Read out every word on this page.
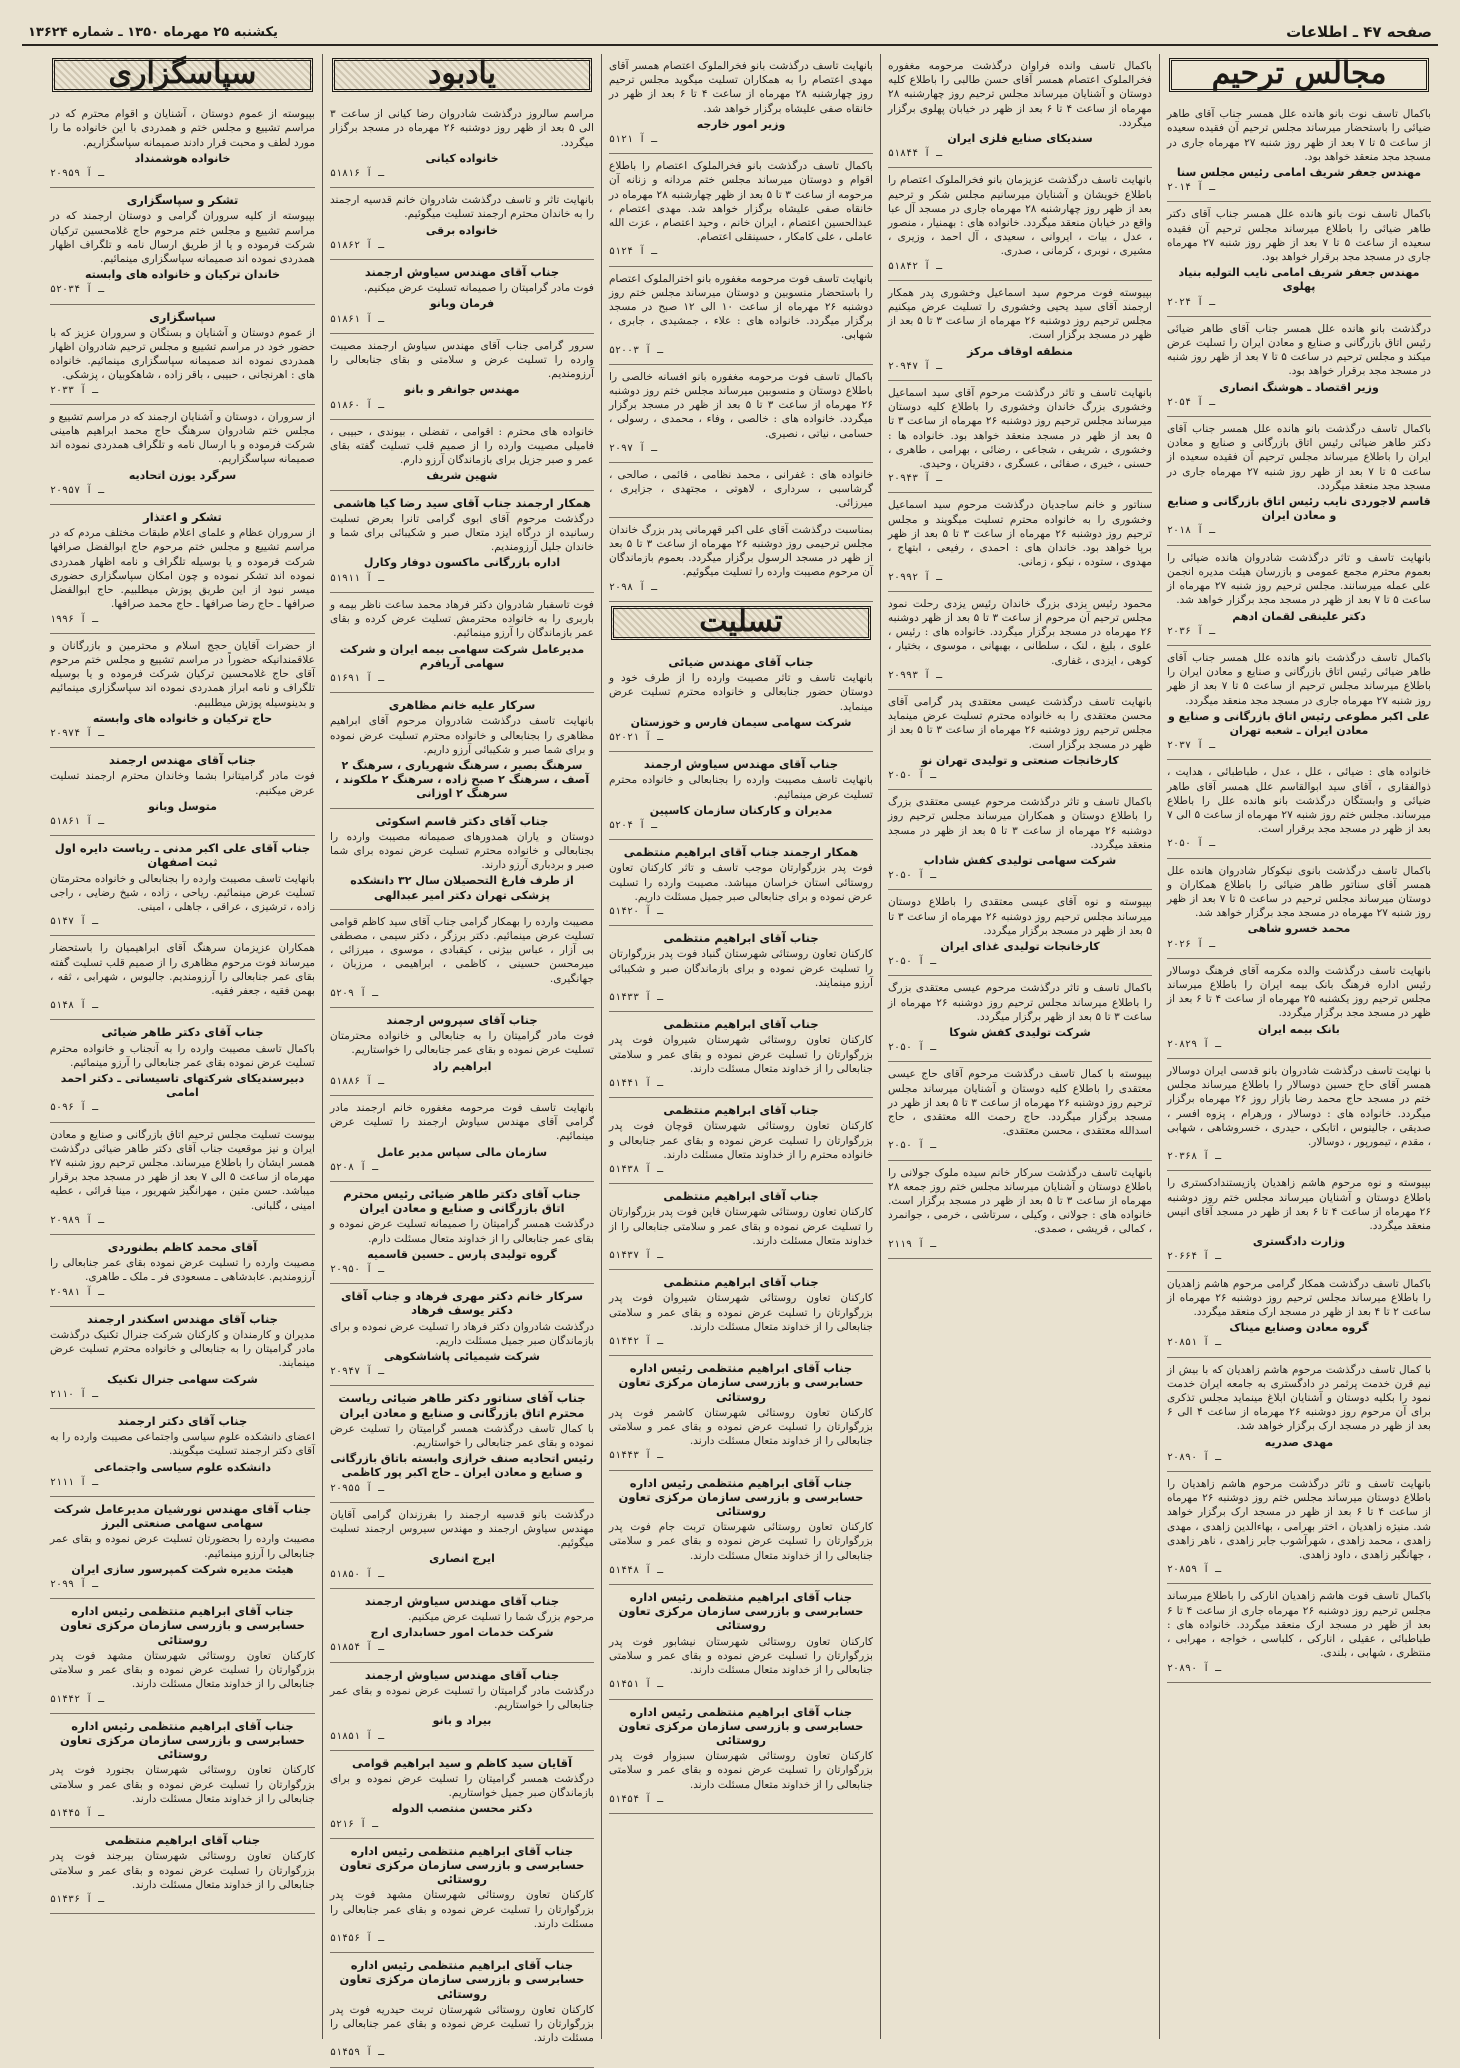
صفحه ۴۷ ـ اطلاعات
یکشنبه ۲۵ مهرماه ۱۳۵۰ ـ شماره ۱۳۶۲۴
مجالس ترحیم
باکمال تاسف نوت بانو هانده علل همسر جناب آقای طاهر ضیائی را باستحضار میرساند مجلس ترحیم آن فقیده سعیده از ساعت ۵ تا ۷ بعد از ظهر روز شنبه ۲۷ مهرماه جاری در مسجد مجد منعقد خواهد بود.
مهندس جعفر شریف امامی رئیس مجلس سنا
۲۰۱۴ ـ آ
باکمال تاسف نوت بانو هانده علل همسر جناب آقای دکتر طاهر ضیائی را باطلاع میرساند مجلس ترحیم آن فقیده سعیده از ساعت ۵ تا ۷ بعد از ظهر روز شنبه ۲۷ مهرماه جاری در مسجد مجد برقرار خواهد بود.
مهندس جعفر شریف امامی نایب التولیه بنیاد پهلوی
۲۰۲۴ ـ آ
درگذشت بانو هانده علل همسر جناب آقای طاهر ضیائی رئیس اتاق بازرگانی و صنایع و معادن ایران را تسلیت عرض میکند و مجلس ترحیم در ساعت ۵ تا ۷ بعد از ظهر روز شنبه در مسجد مجد برقرار خواهد بود.
وزیر اقتصاد ـ هوشنگ انصاری
۲۰۵۴ ـ آ
باکمال تاسف درگذشت بانو هانده علل همسر جناب آقای دکتر طاهر ضیائی رئیس اتاق بازرگانی و صنایع و معادن ایران را باطلاع میرساند مجلس ترحیم آن فقیده سعیده از ساعت ۵ تا ۷ بعد از ظهر روز شنبه ۲۷ مهرماه جاری در مسجد مجد منعقد میگردد.
قاسم لاجوردی نایب رئیس اتاق بازرگانی و صنایع و معادن ایران
۲۰۱۸ ـ آ
بانهایت تاسف و تاثر درگذشت شادروان هانده ضیائی را بعموم محترم مجمع عمومی و بازرسان هیئت مدیره انجمن علی عمله میرسانند. مجلس ترحیم روز شنبه ۲۷ مهرماه از ساعت ۵ تا ۷ بعد از ظهر در مسجد مجد برگزار خواهد شد.
دکتر علینقی لقمان ادهم
۲۰۳۶ ـ آ
باکمال تاسف درگذشت بانو هانده علل همسر جناب آقای طاهر ضیائی رئیس اتاق بازرگانی و صنایع و معادن ایران را باطلاع میرساند مجلس ترحیم از ساعت ۵ تا ۷ بعد از ظهر روز شنبه ۲۷ مهرماه جاری در مسجد مجد منعقد میگردد.
علی اکبر مطوعی رئیس اتاق بازرگانی و صنایع و معادن ایران ـ شعبه تهران
۲۰۳۷ ـ آ
خانواده های : ضیائی ، علل ، عدل ، طباطبائی ، هدایت ، ذوالفقاری ، آقای سید ابوالقاسم علل همسر آقای طاهر ضیائی و وابستگان درگذشت بانو هانده علل را باطلاع میرساند. مجلس ختم روز شنبه ۲۷ مهرماه از ساعت ۵ الی ۷ بعد از ظهر در مسجد مجد برقرار است.
۲۰۵۰ ـ آ
باکمال تاسف درگذشت بانوی نیکوکار شادروان هانده علل همسر آقای سناتور طاهر ضیائی را باطلاع همکاران و دوستان میرساند مجلس ترحیم در ساعت ۵ تا ۷ بعد از ظهر روز شنبه ۲۷ مهرماه در مسجد مجد برگزار خواهد شد.
محمد خسرو شاهی
۲۰۲۶ ـ آ
بانهایت تاسف درگذشت والده مکرمه آقای فرهنگ دوسالار رئیس اداره فرهنگ بانک بیمه ایران را باطلاع میرساند مجلس ترحیم روز یکشنبه ۲۵ مهرماه از ساعت ۴ تا ۶ بعد از ظهر در مسجد مجد برگزار میگردد.
بانک بیمه ایران
۲۰۸۲۹ ـ آ
با نهایت تاسف درگذشت شادروان بانو قدسی ایران دوسالار همسر آقای حاج حسین دوسالار را باطلاع میرساند مجلس ختم در مسجد حاج محمد رضا بازار روز ۲۶ مهرماه برگزار میگردد. خانواده های : دوسالار ، ورهرام ، پزوه افسر ، صدیقی ، جالینوس ، اتابکی ، حیدری ، خسروشاهی ، شهابی ، مقدم ، تیمورپور ، دوسالار.
۲۰۳۶۸ ـ آ
بپیوسته و نوه مرحوم هاشم زاهدیان پازیستندادکستری را باطلاع دوستان و آشنایان میرساند مجلس ختم روز دوشنبه ۲۶ مهرماه از ساعت ۴ تا ۶ بعد از ظهر در مسجد آقای انیس منعقد میگردد.
وزارت دادگستری
۲۰۶۶۴ ـ آ
باکمال تاسف درگذشت همکار گرامی مرحوم هاشم زاهدیان را باطلاع میرساند مجلس ترحیم روز دوشنبه ۲۶ مهرماه از ساعت ۲ تا ۴ بعد از ظهر در مسجد ارک منعقد میگردد.
گروه معادن وصنایع میناک
۲۰۸۵۱ ـ آ
با کمال تاسف درگذشت مرحوم هاشم زاهدیان که با بیش از نیم قرن خدمت پرثمر در دادگستری به جامعه ایران خدمت نمود را بکلیه دوستان و آشنایان ابلاغ مینماید مجلس تذکری برای آن مرحوم روز دوشنبه ۲۶ مهرماه از ساعت ۴ الی ۶ بعد از ظهر در مسجد ارک برگزار خواهد شد.
مهدی صدریه
۲۰۸۹۰ ـ آ
بانهایت تاسف و تاثر درگذشت مرحوم هاشم زاهدیان را باطلاع دوستان میرساند مجلس ختم روز دوشنبه ۲۶ مهرماه از ساعت ۴ تا ۶ بعد از ظهر در مسجد ارک برگزار خواهد شد. منیژه زاهدیان ، اختر بهرامی ، بهاءالدین زاهدی ، مهدی زاهدی ، محمد زاهدی ، شهرآشوب جابر زاهدی ، ناهر زاهدی ، جهانگیر زاهدی ، داود زاهدی.
۲۰۸۵۹ ـ آ
باکمال تاسف فوت هاشم زاهدیان انارکی را باطلاع میرساند مجلس ترحیم روز دوشنبه ۲۶ مهرماه جاری از ساعت ۴ تا ۶ بعد از ظهر در مسجد ارک منعقد میگردد. خانواده های : طباطبائی ، عقیلی ، انارکی ، کلباسی ، خواجه ، مهرابی ، منتظری ، شهابی ، بلندی.
۲۰۸۹۰ ـ آ
باکمال تاسف وانده فراوان درگذشت مرحومه مغفوره فخرالملوک اعتصام همسر آقای حسن طالبی را باطلاع کلیه دوستان و آشنایان میرساند مجلس ترحیم روز چهارشنبه ۲۸ مهرماه از ساعت ۴ تا ۶ بعد از ظهر در خیابان پهلوی برگزار میگردد.
سندیکای صنایع فلزی ایران
۵۱۸۴۴ ـ آ
بانهایت تاسف درگذشت عزیزمان بانو فخرالملوک اعتصام را باطلاع خویشان و آشنایان میرسانیم مجلس شکر و ترحیم بعد از ظهر روز چهارشنبه ۲۸ مهرماه جاری در مسجد آل عبا واقع در خیابان منعقد میگردد. خانواده های : بهمنیار ، منصور ، عدل ، بیات ، ایروانی ، سعیدی ، آل احمد ، وزیری ، مشیری ، نوبری ، کرمانی ، صدری.
۵۱۸۴۲ ـ آ
بپیوسته فوت مرحوم سید اسماعیل وخشوری پدر همکار ارجمند آقای سید یحیی وخشوری را تسلیت عرض میکنیم مجلس ترحیم روز دوشنبه ۲۶ مهرماه از ساعت ۳ تا ۵ بعد از ظهر در مسجد برگزار است.
منطقه اوقاف مرکز
۲۰۹۴۷ ـ آ
بانهایت تاسف و تاثر درگذشت مرحوم آقای سید اسماعیل وخشوری بزرگ خاندان وخشوری را باطلاع کلیه دوستان میرساند مجلس ترحیم روز دوشنبه ۲۶ مهرماه از ساعت ۳ تا ۵ بعد از ظهر در مسجد منعقد خواهد بود. خانواده ها : وخشوری ، شریفی ، شجاعی ، رضائی ، بهرامی ، طاهری ، حسنی ، خیری ، صفائی ، عسگری ، دفتریان ، وحیدی.
۲۰۹۴۳ ـ آ
سناتور و خانم ساجدیان درگذشت مرحوم سید اسماعیل وخشوری را به خانواده محترم تسلیت میگویند و مجلس ترحیم روز دوشنبه ۲۶ مهرماه از ساعت ۳ تا ۵ بعد از ظهر برپا خواهد بود. خاندان های : احمدی ، رفیعی ، ابتهاج ، مهدوی ، ستوده ، نیکو ، زمانی.
۲۰۹۹۲ ـ آ
محمود رئیس یزدی بزرگ خاندان رئیس یزدی رحلت نمود مجلس ترحیم آن مرحوم از ساعت ۳ تا ۵ بعد از ظهر دوشنبه ۲۶ مهرماه در مسجد برگزار میگردد. خانواده های : رئیس ، علوی ، بلیغ ، لنک ، سلطانی ، بهبهانی ، موسوی ، بختیار ، کوهی ، ایزدی ، غفاری.
۲۰۹۹۳ ـ آ
بانهایت تاسف درگذشت عیسی معتقدی پدر گرامی آقای محسن معتقدی را به خانواده محترم تسلیت عرض مینماید مجلس ترحیم روز دوشنبه ۲۶ مهرماه از ساعت ۳ تا ۵ بعد از ظهر در مسجد برگزار است.
کارخانجات صنعتی و تولیدی تهران نو
۲۰۵۰ ـ آ
باکمال تاسف و تاثر درگذشت مرحوم عیسی معتقدی بزرگ را باطلاع دوستان و همکاران میرساند مجلس ترحیم روز دوشنبه ۲۶ مهرماه از ساعت ۳ تا ۵ بعد از ظهر در مسجد منعقد میگردد.
شرکت سهامی تولیدی کفش شاداب
۲۰۵۰ ـ آ
بپیوسته و نوه آقای عیسی معتقدی را باطلاع دوستان میرساند مجلس ترحیم روز دوشنبه ۲۶ مهرماه از ساعت ۳ تا ۵ بعد از ظهر در مسجد برگزار میگردد.
کارخانجات تولیدی غذای ایران
۲۰۵۰ ـ آ
باکمال تاسف و تاثر درگذشت مرحوم عیسی معتقدی بزرگ را باطلاع میرساند مجلس ترحیم روز دوشنبه ۲۶ مهرماه از ساعت ۳ تا ۵ بعد از ظهر برگزار میگردد.
شرکت تولیدی کفش شوکا
۲۰۵۰ ـ آ
بپیوسته با کمال تاسف درگذشت مرحوم آقای حاج عیسی معتقدی را باطلاع کلیه دوستان و آشنایان میرساند مجلس ترحیم روز دوشنبه ۲۶ مهرماه از ساعت ۳ تا ۵ بعد از ظهر در مسجد برگزار میگردد. حاج رحمت الله معتقدی ، حاج اسدالله معتقدی ، محسن معتقدی.
۲۰۵۰ ـ آ
بانهایت تاسف درگذشت سرکار خانم سیده ملوک جولانی را باطلاع دوستان و آشنایان میرساند مجلس ختم روز جمعه ۲۸ مهرماه از ساعت ۳ تا ۵ بعد از ظهر در مسجد برگزار است. خانواده های : جولانی ، وکیلی ، سرتاشی ، خرمی ، جوانمرد ، کمالی ، قریشی ، صمدی.
۲۱۱۹ ـ آ
بانهایت تاسف درگذشت بانو فخرالملوک اعتصام همسر آقای مهدی اعتصام را به همکاران تسلیت میگوید مجلس ترحیم روز چهارشنبه ۲۸ مهرماه از ساعت ۴ تا ۶ بعد از ظهر در خانقاه صفی علیشاه برگزار خواهد شد.
وزیر امور خارجه
۵۱۲۱ ـ آ
باکمال تاسف درگذشت بانو فخرالملوک اعتصام را باطلاع اقوام و دوستان میرساند مجلس ختم مردانه و زنانه آن مرحومه از ساعت ۳ تا ۵ بعد از ظهر چهارشنبه ۲۸ مهرماه در خانقاه صفی علیشاه برگزار خواهد شد. مهدی اعتصام ، عبدالحسین اعتصام ، ایران خانم ، وحید اعتصام ، عزت الله عاملی ، علی کامکار ، حسینقلی اعتصام.
۵۱۲۴ ـ آ
بانهایت تاسف فوت مرحومه مغفوره بانو اخترالملوک اعتصام را باستحضار منسوبین و دوستان میرساند مجلس ختم روز دوشنبه ۲۶ مهرماه از ساعت ۱۰ الی ۱۲ صبح در مسجد برگزار میگردد. خانواده های : علاء ، جمشیدی ، جابری ، شهابی.
۵۲۰۰۳ ـ آ
باکمال تاسف فوت مرحومه مغفوره بانو افسانه خالصی را باطلاع دوستان و منسوبین میرساند مجلس ختم روز دوشنبه ۲۶ مهرماه از ساعت ۳ تا ۵ بعد از ظهر در مسجد برگزار میگردد. خانواده های : خالصی ، وفاء ، محمدی ، رسولی ، حسامی ، نیاتی ، نصیری.
۲۰۹۷ ـ آ
خانواده های : غفرانی ، محمد نظامی ، قائمی ، صالحی ، گرشاسبی ، سرداری ، لاهوتی ، مجتهدی ، جزایری ، میرزائی.
بمناسبت درگذشت آقای علی اکبر قهرمانی پدر بزرگ خاندان مجلس ترحیمی روز دوشنبه ۲۶ مهرماه از ساعت ۳ تا ۵ بعد از ظهر در مسجد الرسول برگزار میگردد. بعموم بازماندگان آن مرحوم مصیبت وارده را تسلیت میگوئیم.
۲۰۹۸ ـ آ
تسلیت
جناب آقای مهندس ضیائی
بانهایت تاسف و تاثر مصیبت وارده را از طرف خود و دوستان حضور جنابعالی و خانواده محترم تسلیت عرض مینماید.
شرکت سهامی سیمان فارس و خوزستان
۵۲۰۲۱ ـ آ
جناب آقای مهندس سیاوش ارجمند
بانهایت تاسف مصیبت وارده را بجنابعالی و خانواده محترم تسلیت عرض مینمائیم.
مدیران و کارکنان سازمان کاسپین
۵۲۰۴ ـ آ
همکار ارجمند جناب آقای ابراهیم منتظمی
فوت پدر بزرگوارتان موجب تاسف و تاثر کارکنان تعاون روستائی استان خراسان میباشد. مصیبت وارده را تسلیت عرض نموده و برای جنابعالی صبر جمیل مسئلت داریم.
۵۱۴۲۰ ـ آ
جناب آقای ابراهیم منتظمی
کارکنان تعاون روستائی شهرستان گنباد فوت پدر بزرگوارتان را تسلیت عرض نموده و برای بازماندگان صبر و شکیبائی آرزو مینمایند.
۵۱۴۳۳ ـ آ
جناب آقای ابراهیم منتظمی
کارکنان تعاون روستائی شهرستان شیروان فوت پدر بزرگوارتان را تسلیت عرض نموده و بقای عمر و سلامتی جنابعالی را از خداوند متعال مسئلت دارند.
۵۱۴۴۱ ـ آ
جناب آقای ابراهیم منتظمی
کارکنان تعاون روستائی شهرستان قوچان فوت پدر بزرگوارتان را تسلیت عرض نموده و بقای عمر جنابعالی و خانواده محترم را از خداوند متعال مسئلت دارند.
۵۱۴۳۸ ـ آ
جناب آقای ابراهیم منتظمی
کارکنان تعاون روستائی شهرستان فاین فوت پدر بزرگوارتان را تسلیت عرض نموده و بقای عمر و سلامتی جنابعالی را از خداوند متعال مسئلت دارند.
۵۱۴۳۷ ـ آ
جناب آقای ابراهیم منتظمی
کارکنان تعاون روستائی شهرستان شیروان فوت پدر بزرگوارتان را تسلیت عرض نموده و بقای عمر و سلامتی جنابعالی را از خداوند متعال مسئلت دارند.
۵۱۴۴۲ ـ آ
جناب آقای ابراهیم منتظمی رئیس اداره حسابرسی و بازرسی سازمان مرکزی تعاون روستائی
کارکنان تعاون روستائی شهرستان کاشمر فوت پدر بزرگوارتان را تسلیت عرض نموده و بقای عمر و سلامتی جنابعالی را از خداوند متعال مسئلت دارند.
۵۱۴۴۳ ـ آ
جناب آقای ابراهیم منتظمی رئیس اداره حسابرسی و بازرسی سازمان مرکزی تعاون روستائی
کارکنان تعاون روستائی شهرستان تربت جام فوت پدر بزرگوارتان را تسلیت عرض نموده و بقای عمر و سلامتی جنابعالی را از خداوند متعال مسئلت دارند.
۵۱۴۴۸ ـ آ
جناب آقای ابراهیم منتظمی رئیس اداره حسابرسی و بازرسی سازمان مرکزی تعاون روستائی
کارکنان تعاون روستائی شهرستان نیشابور فوت پدر بزرگوارتان را تسلیت عرض نموده و بقای عمر و سلامتی جنابعالی را از خداوند متعال مسئلت دارند.
۵۱۴۵۱ ـ آ
جناب آقای ابراهیم منتظمی رئیس اداره حسابرسی و بازرسی سازمان مرکزی تعاون روستائی
کارکنان تعاون روستائی شهرستان سبزوار فوت پدر بزرگوارتان را تسلیت عرض نموده و بقای عمر و سلامتی جنابعالی را از خداوند متعال مسئلت دارند.
۵۱۴۵۴ ـ آ
یادبود
مراسم سالروز درگذشت شادروان رضا کیانی از ساعت ۳ الی ۵ بعد از ظهر روز دوشنبه ۲۶ مهرماه در مسجد برگزار میگردد.
خانواده کیانی
۵۱۸۱۶ ـ آ
بانهایت تاثر و تاسف درگذشت شادروان خانم قدسیه ارجمند را به خاندان محترم ارجمند تسلیت میگوئیم.
خانواده برقی
۵۱۸۶۲ ـ آ
جناب آقای مهندس سیاوش ارجمند
فوت مادر گرامیتان را صمیمانه تسلیت عرض میکنیم.
فرمان وبانو
۵۱۸۶۱ ـ آ
سرور گرامی جناب آقای مهندس سیاوش ارجمند مصیبت وارده را تسلیت عرض و سلامتی و بقای جنابعالی را آرزومندیم.
مهندس جوانفر و بانو
۵۱۸۶۰ ـ آ
خانواده های محترم : اقوامی ، تفضلی ، بیوندی ، حبیبی ، فامیلی مصیبت وارده را از صمیم قلب تسلیت گفته بقای عمر و صبر جزیل برای بازماندگان آرزو دارم.
شهین شریف
همکار ارجمند جناب آقای سید رضا کیا هاشمی
درگذشت مرحوم آقای ابوی گرامی تانرا بعرض تسلیت رسانیده از درگاه ایزد متعال صبر و شکیبائی برای شما و خاندان جلیل آرزومندیم.
اداره بازرگانی ماکسون دوفار وکارل
۵۱۹۱۱ ـ آ
فوت تاسفبار شادروان دکتر فرهاد محمد ساعت ناظر بیمه و باربری را به خانواده محترمش تسلیت عرض کرده و بقای عمر بازماندگان را آرزو مینمائیم.
مدیرعامل شرکت سهامی بیمه ایران و شرکت سهامی آریافرم
۵۱۶۹۱ ـ آ
سرکار علیه خانم مظاهری
بانهایت تاسف درگذشت شادروان مرحوم آقای ابراهیم مظاهری را بجنابعالی و خانواده محترم تسلیت عرض نموده و برای شما صبر و شکیبائی آرزو داریم.
سرهنگ بصیر ، سرهنگ شهریاری ، سرهنگ ۲ آصف ، سرهنگ ۲ صبح زاده ، سرهنگ ۲ ملکوند ، سرهنگ ۲ اوزانی
جناب آقای دکتر قاسم اسکوئی
دوستان و یاران همدورهای صمیمانه مصیبت وارده را بجنابعالی و خانواده محترم تسلیت عرض نموده برای شما صبر و بردباری آرزو دارند.
از طرف فارغ التحصیلان سال ۳۲ دانشکده پزشکی تهران دکتر امیر عبدالهی
مصیبت وارده را بهمکار گرامی جناب آقای سید کاظم قوامی تسلیت عرض مینمائیم. دکتر برزگر ، دکتر سیمی ، مصطفی بی آزار ، عباس بیژنی ، کیقبادی ، موسوی ، میرزائی ، میرمحسن حسینی ، کاظمی ، ابراهیمی ، مرزبان ، جهانگیری.
۵۲۰۹ ـ آ
جناب آقای سپروس ارجمند
فوت مادر گرامیتان را به جنابعالی و خانواده محترمتان تسلیت عرض نموده و بقای عمر جنابعالی را خواستاریم.
ابراهیم راد
۵۱۸۸۶ ـ آ
بانهایت تاسف فوت مرحومه مغفوره خانم ارجمند مادر گرامی آقای مهندس سیاوش ارجمند را تسلیت عرض مینمائیم.
سازمان مالی سپاس مدیر عامل
۵۲۰۸ ـ آ
جناب آقای دکتر طاهر ضیائی رئیس محترم اتاق بازرگانی و صنایع و معادن ایران
درگذشت همسر گرامیتان را صمیمانه تسلیت عرض نموده و بقای عمر جنابعالی را از خداوند متعال مسئلت دارم.
گروه تولیدی پارس ـ حسین قاسمیه
۲۰۹۵۰ ـ آ
سرکار خانم دکتر مهری فرهاد و جناب آقای دکتر یوسف فرهاد
درگذشت شادروان دکتر فرهاد را تسلیت عرض نموده و برای بازماندگان صبر جمیل مسئلت داریم.
شرکت شیمیائی پاشاشکوهی
۲۰۹۴۷ ـ آ
جناب آقای سناتور دکتر طاهر ضیائی ریاست محترم اتاق بازرگانی و صنایع و معادن ایران
با کمال تاسف درگذشت همسر گرامیتان را تسلیت عرض نموده و بقای عمر جنابعالی را خواستاریم.
رئیس اتحادیه صنف خرازی وابسته باتاق بازرگانی و صنایع و معادن ایران ـ حاج اکبر پور کاظمی
۲۰۹۵۵ ـ آ
درگذشت بانو قدسیه ارجمند را بفرزندان گرامی آقایان مهندس سیاوش ارجمند و مهندس سیروس ارجمند تسلیت میگوئیم.
ایرج انصاری
۵۱۸۵۰ ـ آ
جناب آقای مهندس سیاوش ارجمند
مرحوم بزرگ شما را تسلیت عرض میکنیم.
شرکت خدمات امور حسابداری ارج
۵۱۸۵۴ ـ آ
جناب آقای مهندس سیاوش ارجمند
درگذشت مادر گرامیتان را تسلیت عرض نموده و بقای عمر جنابعالی را خواستاریم.
بیراد و بانو
۵۱۸۵۱ ـ آ
آقایان سید کاظم و سید ابراهیم قوامی
درگذشت همسر گرامیتان را تسلیت عرض نموده و برای بازماندگان صبر جمیل خواستاریم.
دکتر محسن منتصب الدوله
۵۲۱۶ ـ آ
جناب آقای ابراهیم منتظمی رئیس اداره حسابرسی و بازرسی سازمان مرکزی تعاون روستائی
کارکنان تعاون روستائی شهرستان مشهد فوت پدر بزرگوارتان را تسلیت عرض نموده و بقای عمر جنابعالی را مسئلت دارند.
۵۱۴۵۶ ـ آ
جناب آقای ابراهیم منتظمی رئیس اداره حسابرسی و بازرسی سازمان مرکزی تعاون روستائی
کارکنان تعاون روستائی شهرستان تربت حیدریه فوت پدر بزرگوارتان را تسلیت عرض نموده و بقای عمر جنابعالی را مسئلت دارند.
۵۱۴۵۹ ـ آ
سپاسگزاری
بپیوسته از عموم دوستان ، آشنایان و اقوام محترم که در مراسم تشییع و مجلس ختم و همدردی با این خانواده ما را مورد لطف و محبت قرار دادند صمیمانه سپاسگزاریم.
خانواده هوشمنداد
۲۰۹۵۹ ـ آ
تشکر و سپاسگزاری
بپیوسته از کلیه سروران گرامی و دوستان ارجمند که در مراسم تشییع و مجلس ختم مرحوم حاج غلامحسین ترکیان شرکت فرموده و یا از طریق ارسال نامه و تلگراف اظهار همدردی نموده اند صمیمانه سپاسگزاری مینمائیم.
خاندان ترکیان و خانواده های وابسته
۵۲۰۳۴ ـ آ
سپاسگزاری
از عموم دوستان و آشنایان و بستگان و سروران عزیز که با حضور خود در مراسم تشییع و مجلس ترحیم شادروان اظهار همدردی نموده اند صمیمانه سپاسگزاری مینمائیم. خانواده های : اهرنجانی ، حبیبی ، باقر زاده ، شاهکوبیان ، پزشکی.
۲۰۳۳ ـ آ
از سروران ، دوستان و آشنایان ارجمند که در مراسم تشییع و مجلس ختم شادروان سرهنگ حاج محمد ابراهیم هامینی شرکت فرموده و با ارسال نامه و تلگراف همدردی نموده اند صمیمانه سپاسگزاریم.
سرگرد یوزن اتحادیه
۲۰۹۵۷ ـ آ
تشکر و اعتذار
از سروران عظام و علمای اعلام طبقات مختلف مردم که در مراسم تشییع و مجلس ختم مرحوم حاج ابوالفضل صرافها شرکت فرموده و یا بوسیله تلگراف و نامه اظهار همدردی نموده اند تشکر نموده و چون امکان سپاسگزاری حضوری میسر نبود از این طریق پوزش میطلبیم. حاج ابوالفضل صرافها ـ حاج رضا صرافها ـ حاج محمد صرافها.
۱۹۹۶ ـ آ
از حضرات آقایان حجج اسلام و محترمین و بازرگانان و علاقمندانیکه حضوراً در مراسم تشییع و مجلس ختم مرحوم آقای حاج غلامحسین ترکیان شرکت فرموده و یا بوسیله تلگراف و نامه ابراز همدردی نموده اند سپاسگزاری مینمائیم و بدینوسیله پوزش میطلبیم.
حاج ترکیان و خانواده های وابسته
۲۰۹۷۴ ـ آ
جناب آقای مهندس ارجمند
فوت مادر گرامیتانرا بشما وخاندان محترم ارجمند تسلیت عرض میکنیم.
متوسل وبانو
۵۱۸۶۱ ـ آ
جناب آقای علی اکبر مدنی ـ ریاست دایره اول ثبت اصفهان
بانهایت تاسف مصیبت وارده را بجنابعالی و خانواده محترمتان تسلیت عرض مینمائیم. ریاحی ، زاده ، شیخ رضایی ، راجی زاده ، ترشیزی ، عراقی ، جاهلی ، امینی.
۵۱۴۷ ـ آ
همکاران عزیزمان سرهنگ آقای ابراهیمیان را باستحضار میرساند فوت مرحوم مظاهری را از صمیم قلب تسلیت گفته بقای عمر جنابعالی را آرزومندیم. جالبوس ، شهرابی ، ثقه ، بهمن فقیه ، جعفر فقیه.
۵۱۴۸ ـ آ
جناب آقای دکتر طاهر ضیائی
باکمال تاسف مصیبت وارده را به آنجناب و خانواده محترم تسلیت عرض نموده بقای عمر جنابعالی را آرزو مینمائیم.
دبیرسندیکای شرکتهای تاسیساتی ـ دکتر احمد امامی
۵۰۹۶ ـ آ
بیوست تسلیت مجلس ترحیم اتاق بازرگانی و صنایع و معادن ایران و نیز موقعیت جناب آقای دکتر طاهر ضیائی درگذشت همسر ایشان را باطلاع میرساند. مجلس ترحیم روز شنبه ۲۷ مهرماه از ساعت ۵ الی ۷ بعد از ظهر در مسجد مجد برقرار میباشد. حسن متین ، مهرانگیز شهریور ، مینا قرائی ، عطیه امینی ، گلبانی.
۲۰۹۸۹ ـ آ
آقای محمد کاظم بطنوردی
مصیبت وارده را تسلیت عرض نموده بقای عمر جنابعالی را آرزومندیم. عابدشاهی ـ مسعودی فر ـ ملک ـ طاهری.
۲۰۹۸۱ ـ آ
جناب آقای مهندس اسکندر ارجمند
مدیران و کارمندان و کارکنان شرکت جنرال تکنیک درگذشت مادر گرامیتان را به جنابعالی و خانواده محترم تسلیت عرض مینمایند.
شرکت سهامی جنرال تکنیک
۲۱۱۰ ـ آ
جناب آقای دکتر ارجمند
اعضای دانشکده علوم سیاسی واجتماعی مصیبت وارده را به آقای دکتر ارجمند تسلیت میگویند.
دانشکده علوم سیاسی واجتماعی
۲۱۱۱ ـ آ
جناب آقای مهندس نورشیان مدیرعامل شرکت سهامی سهامی صنعتی البرز
مصیبت وارده را بحضورتان تسلیت عرض نموده و بقای عمر جنابعالی را آرزو مینمائیم.
هیئت مدیره شرکت کمپرسور سازی ایران
۲۰۹۹ ـ آ
جناب آقای ابراهیم منتظمی رئیس اداره حسابرسی و بازرسی سازمان مرکزی تعاون روستائی
کارکنان تعاون روستائی شهرستان مشهد فوت پدر بزرگوارتان را تسلیت عرض نموده و بقای عمر و سلامتی جنابعالی را از خداوند متعال مسئلت دارند.
۵۱۴۴۲ ـ آ
جناب آقای ابراهیم منتظمی رئیس اداره حسابرسی و بازرسی سازمان مرکزی تعاون روستائی
کارکنان تعاون روستائی شهرستان بجنورد فوت پدر بزرگوارتان را تسلیت عرض نموده و بقای عمر و سلامتی جنابعالی را از خداوند متعال مسئلت دارند.
۵۱۴۴۵ ـ آ
جناب آقای ابراهیم منتظمی
کارکنان تعاون روستائی شهرستان بیرجند فوت پدر بزرگوارتان را تسلیت عرض نموده و بقای عمر و سلامتی جنابعالی را از خداوند متعال مسئلت دارند.
۵۱۴۳۶ ـ آ
